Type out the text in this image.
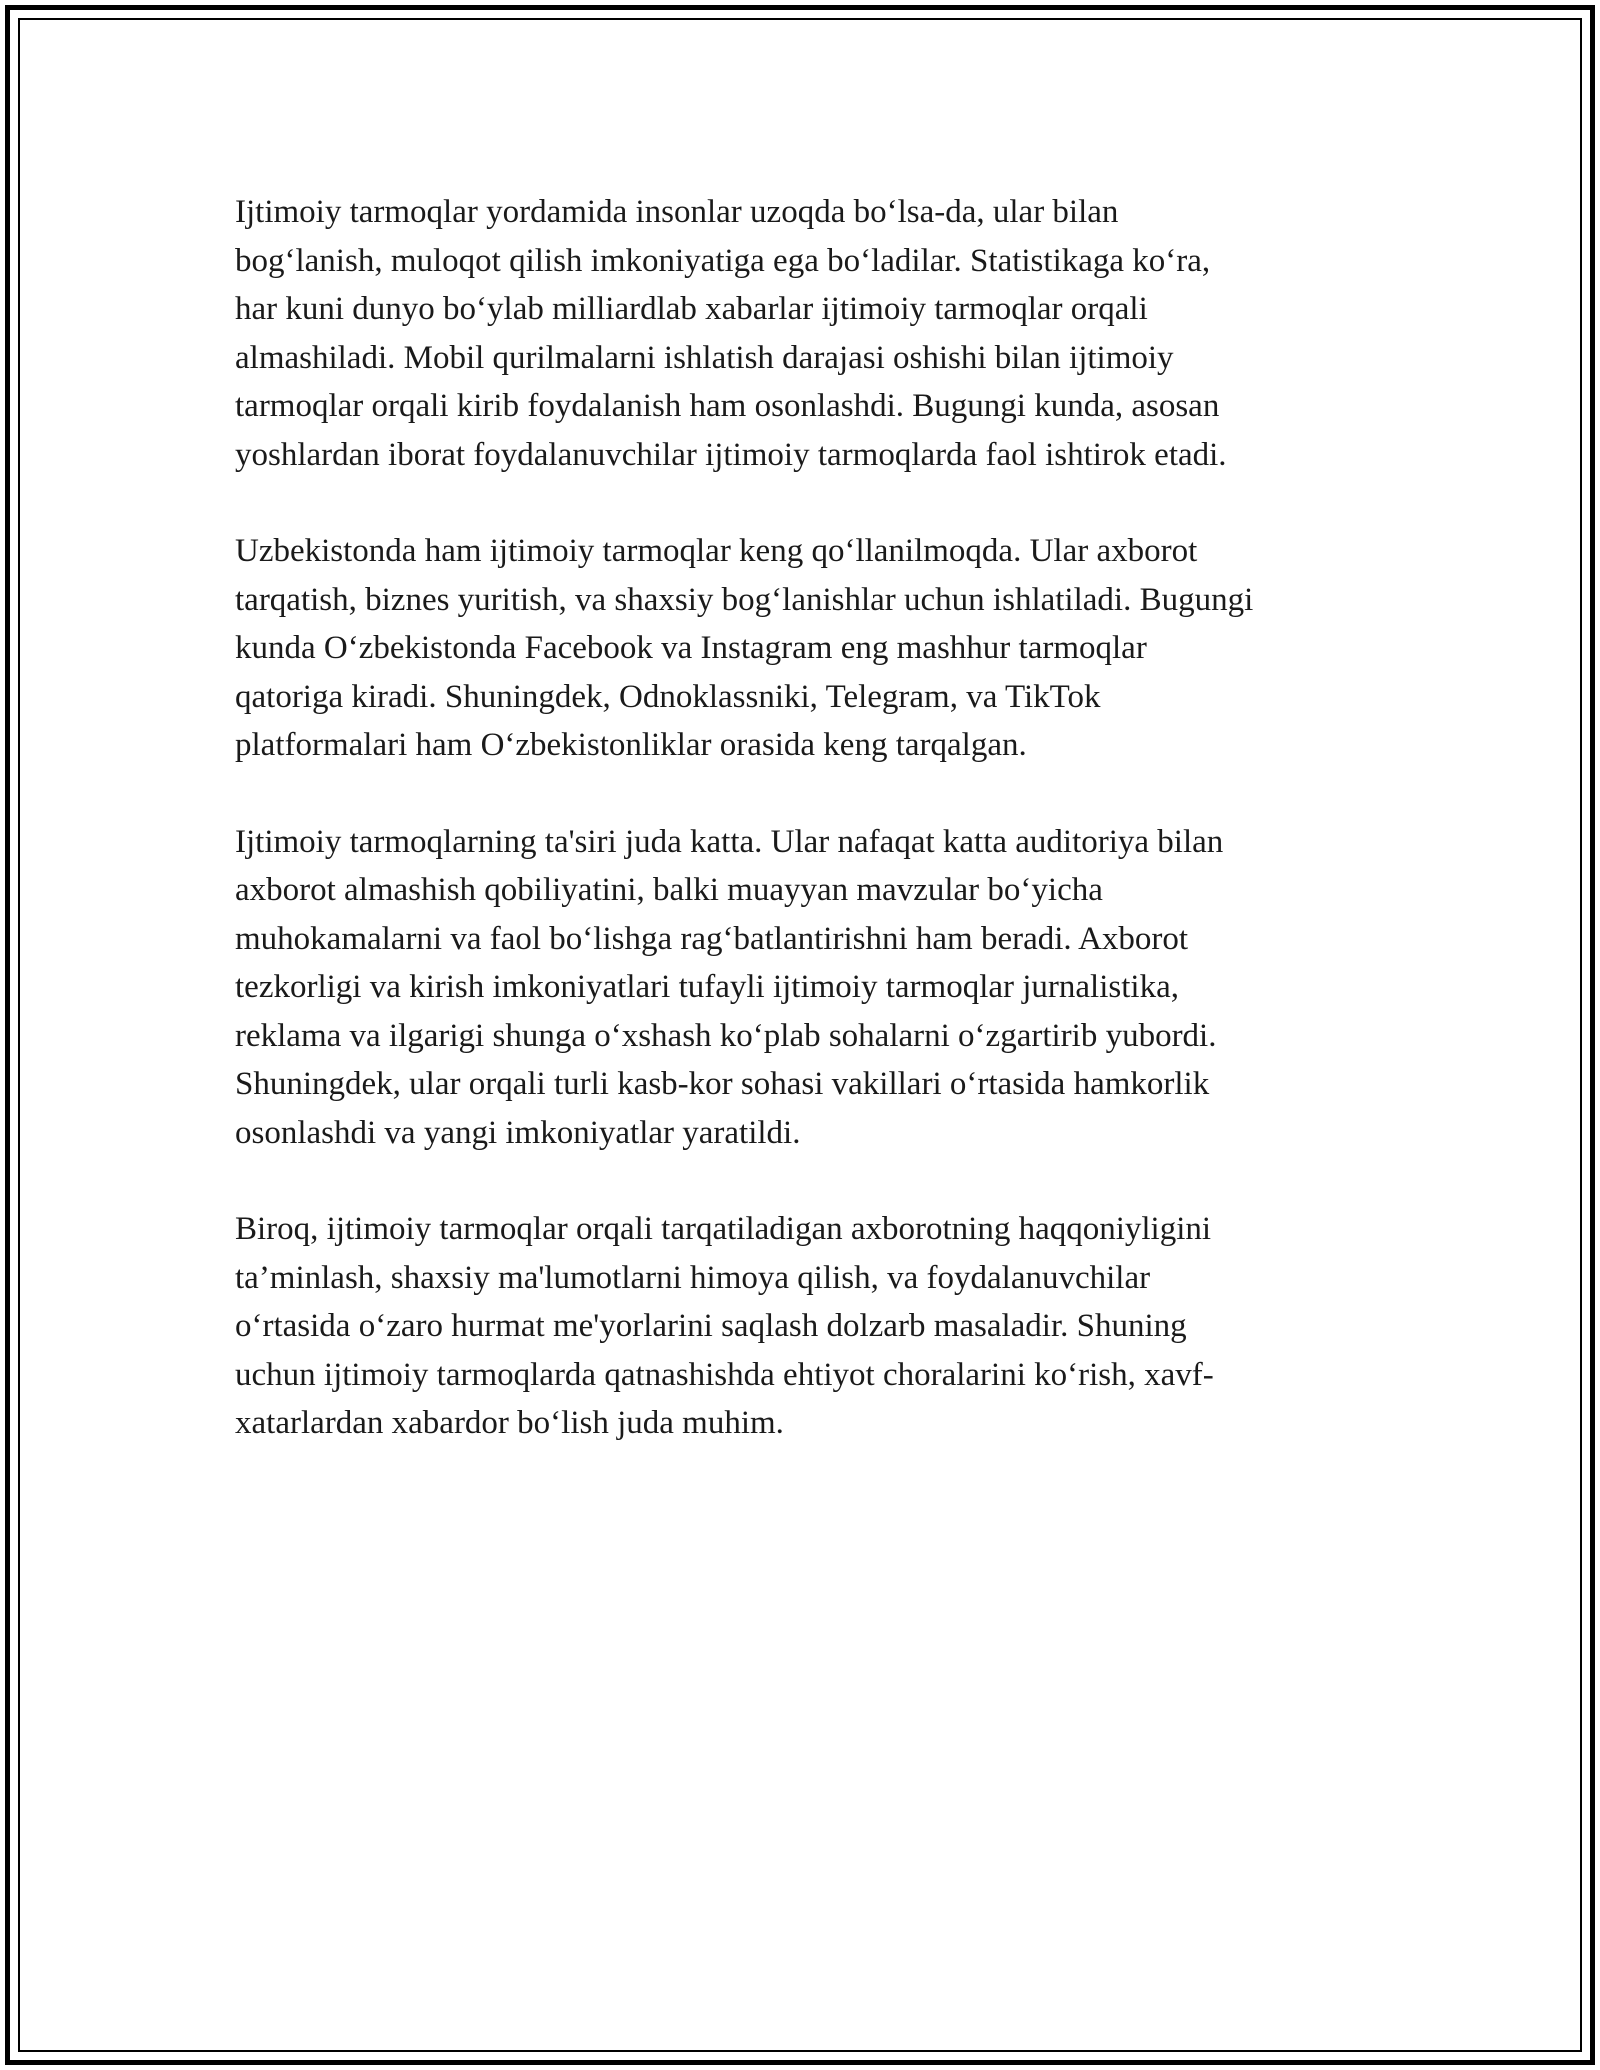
Ijtimoiy tarmoqlar yordamida insonlar uzoqda bo‘lsa-da, ular bilan
bog‘lanish, muloqot qilish imkoniyatiga ega bo‘ladilar. Statistikaga ko‘ra,
har kuni dunyo bo‘ylab milliardlab xabarlar ijtimoiy tarmoqlar orqali
almashiladi. Mobil qurilmalarni ishlatish darajasi oshishi bilan ijtimoiy
tarmoqlar orqali kirib foydalanish ham osonlashdi. Bugungi kunda, asosan
yoshlardan iborat foydalanuvchilar ijtimoiy tarmoqlarda faol ishtirok etadi.

Uzbekistonda ham ijtimoiy tarmoqlar keng qo‘llanilmoqda. Ular axborot
tarqatish, biznes yuritish, va shaxsiy bog‘lanishlar uchun ishlatiladi. Bugungi
kunda O‘zbekistonda Facebook va Instagram eng mashhur tarmoqlar
qatoriga kiradi. Shuningdek, Odnoklassniki, Telegram, va TikTok
platformalari ham O‘zbekistonliklar orasida keng tarqalgan.

Ijtimoiy tarmoqlarning ta'siri juda katta. Ular nafaqat katta auditoriya bilan
axborot almashish qobiliyatini, balki muayyan mavzular bo‘yicha
muhokamalarni va faol bo‘lishga rag‘batlantirishni ham beradi. Axborot
tezkorligi va kirish imkoniyatlari tufayli ijtimoiy tarmoqlar jurnalistika,
reklama va ilgarigi shunga o‘xshash ko‘plab sohalarni o‘zgartirib yubordi.
Shuningdek, ular orqali turli kasb-kor sohasi vakillari o‘rtasida hamkorlik
osonlashdi va yangi imkoniyatlar yaratildi.

Biroq, ijtimoiy tarmoqlar orqali tarqatiladigan axborotning haqqoniyligini
ta’minlash, shaxsiy ma'lumotlarni himoya qilish, va foydalanuvchilar
o‘rtasida o‘zaro hurmat me'yorlarini saqlash dolzarb masaladir. Shuning
uchun ijtimoiy tarmoqlarda qatnashishda ehtiyot choralarini ko‘rish, xavf-
xatarlardan xabardor bo‘lish juda muhim.
